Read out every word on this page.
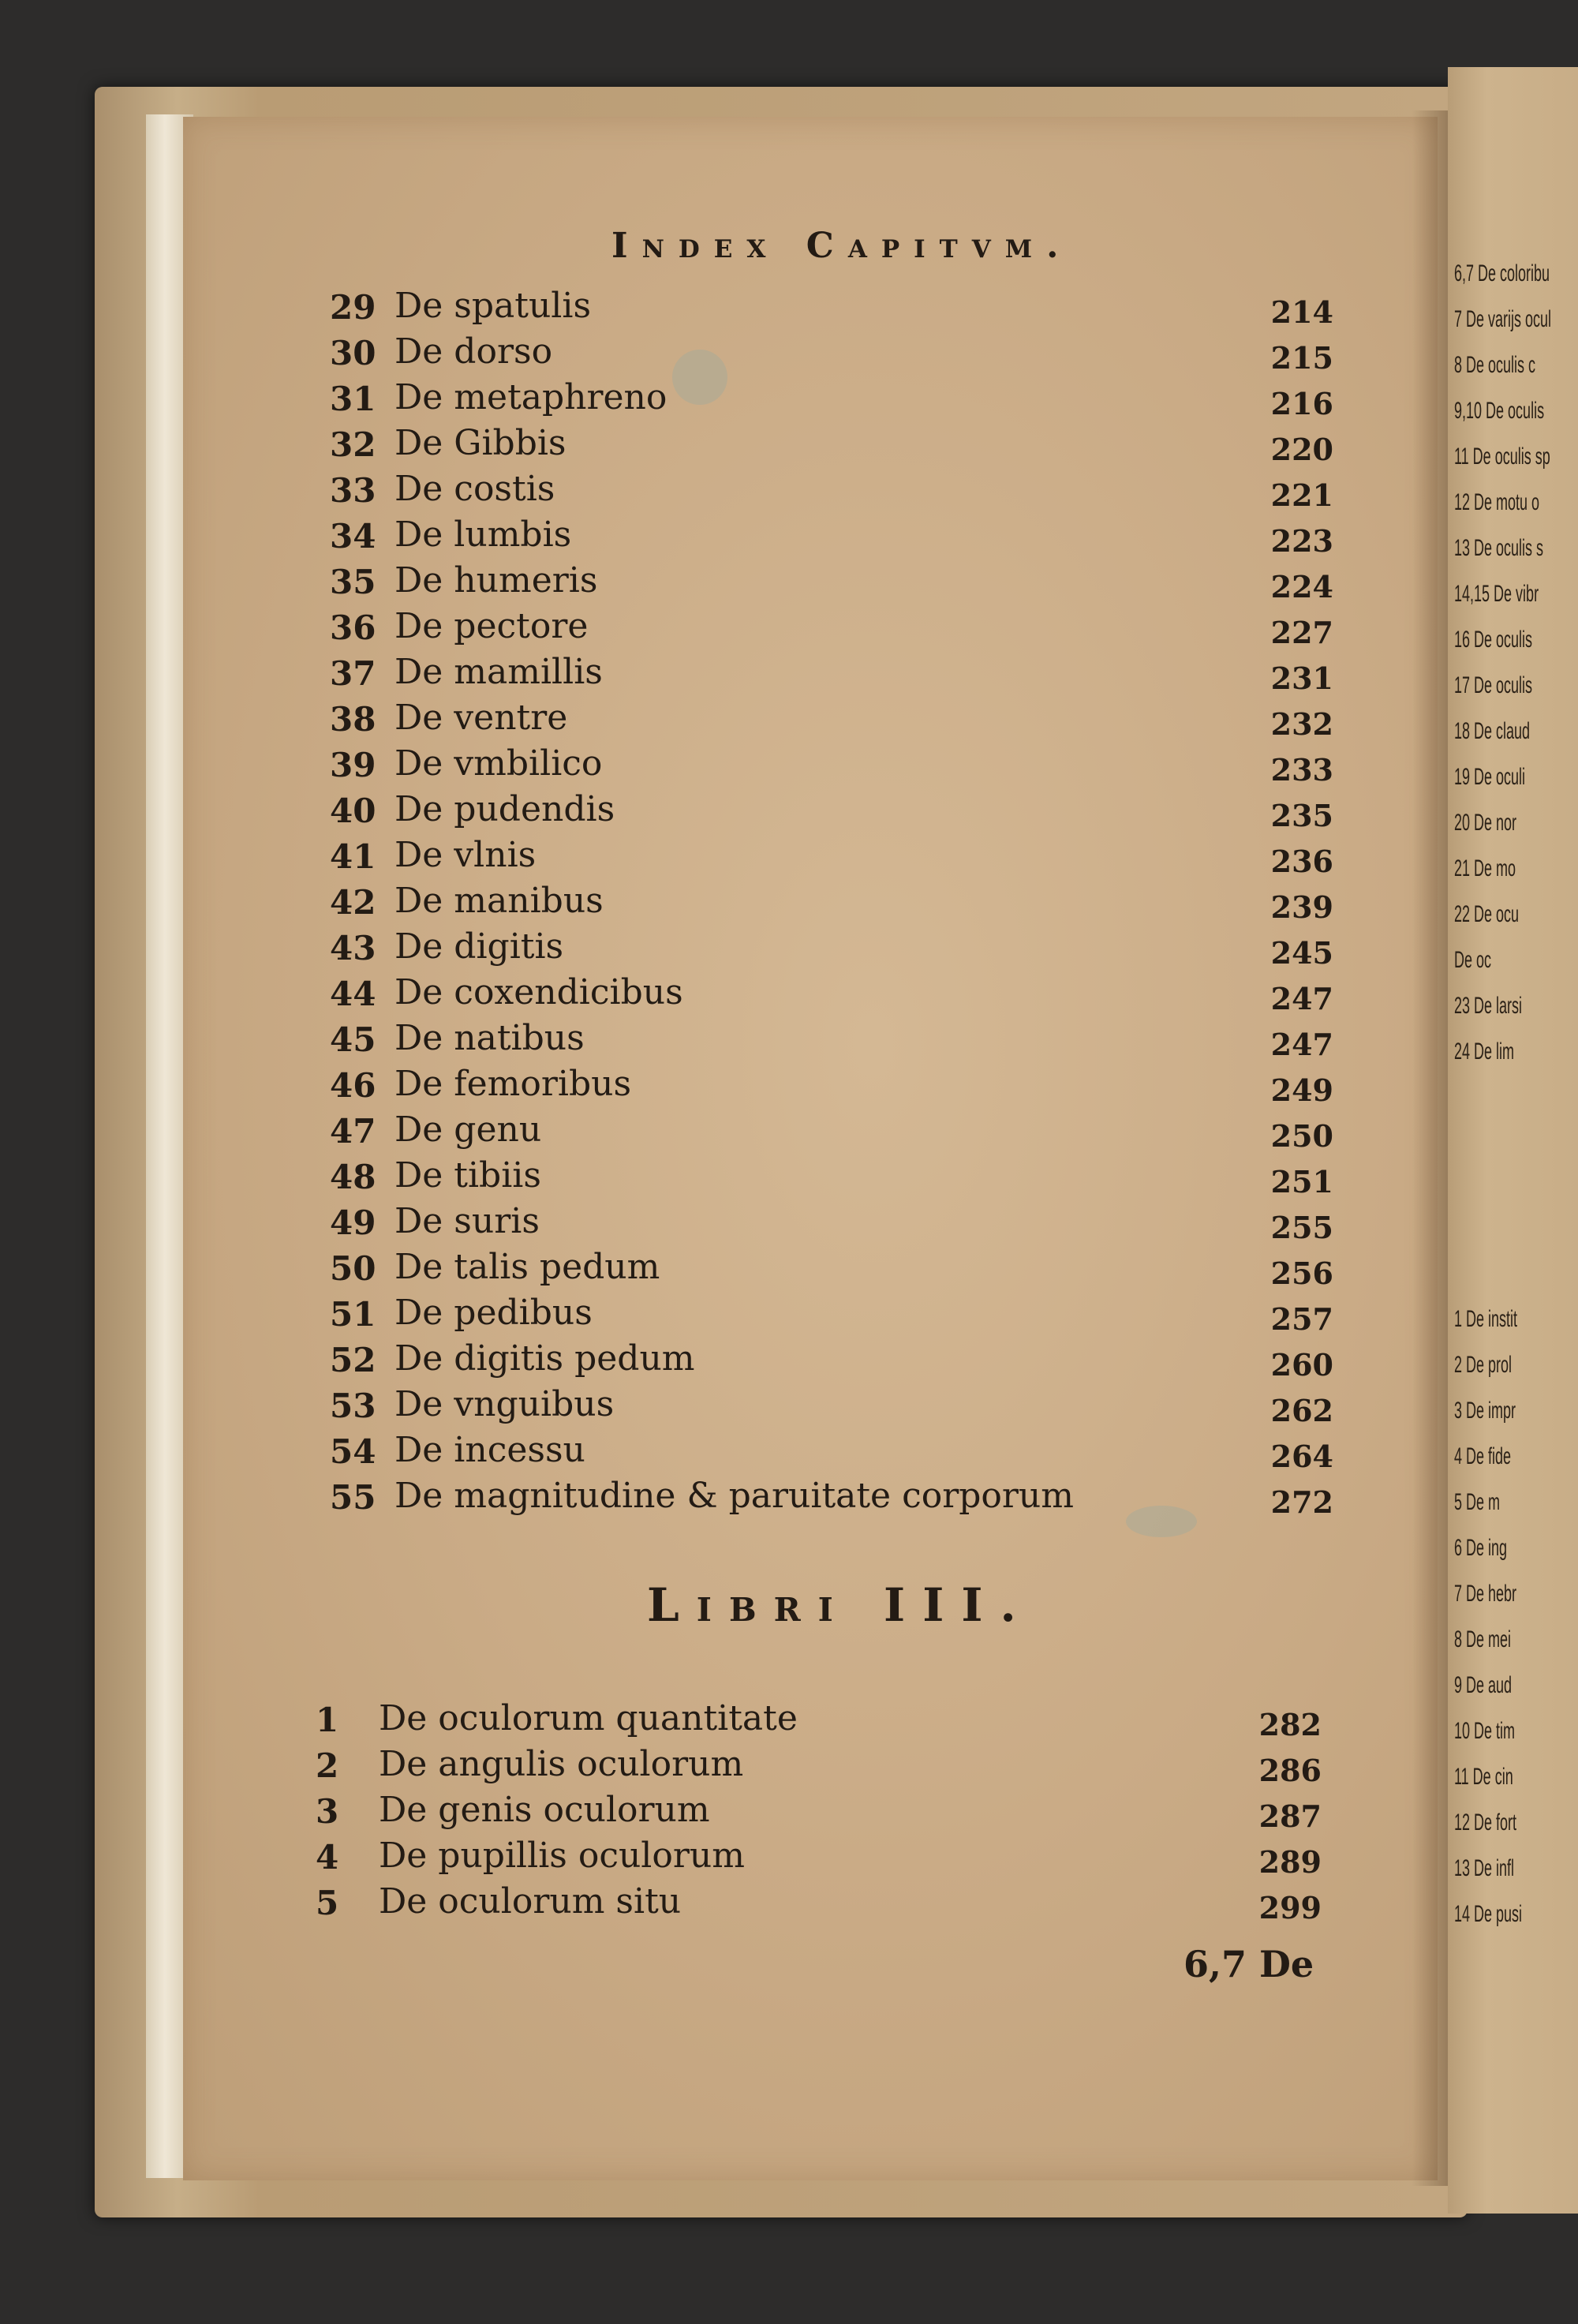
Index Capitvm.
29 De spatulis	214
30 De dorso	215
31 De metaphreno	216
32 De Gibbis	220
33 De costis	221
34 De lumbis	223
35 De humeris	224
36 De pectore	227
37 De mamillis	231
38 De ventre	232
39 De vmbilico	233
40 De pudendis	235
41 De vlnis	236
42 De manibus	239
43 De digitis	245
44 De coxendicibus	247
45 De natibus	247
46 De femoribus	249
47 De genu	250
48 De tibiis	251
49 De suris	255
50 De talis pedum	256
51 De pedibus	257
52 De digitis pedum	260
53 De vnguibus	262
54 De incessu	264
55 De magnitudine & paruitate corporum	272
Libri III.
1 De oculorum quantitate	282
2 De angulis oculorum	286
3 De genis oculorum	287
4 De pupillis oculorum	289
5 De oculorum situ	299
6,7 De
6,7 De coloribu
7 De varijs ocul
8 De oculis c
9,10 De oculis
11 De oculis sp
12 De motu o
13 De oculis s
14,15 De vibr
16 De oculis
17 De oculis
18 De claud
19 De oculi
20 De nor
21 De mo
22 De ocu
De oc
23 De larsi
24 De lim
1 De instit
2 De prol
3 De impr
4 De fide
5 De m
6 De ing
7 De hebr
8 De mei
9 De aud
10 De tim
11 De cin
12 De fort
13 De infl
14 De pusi
